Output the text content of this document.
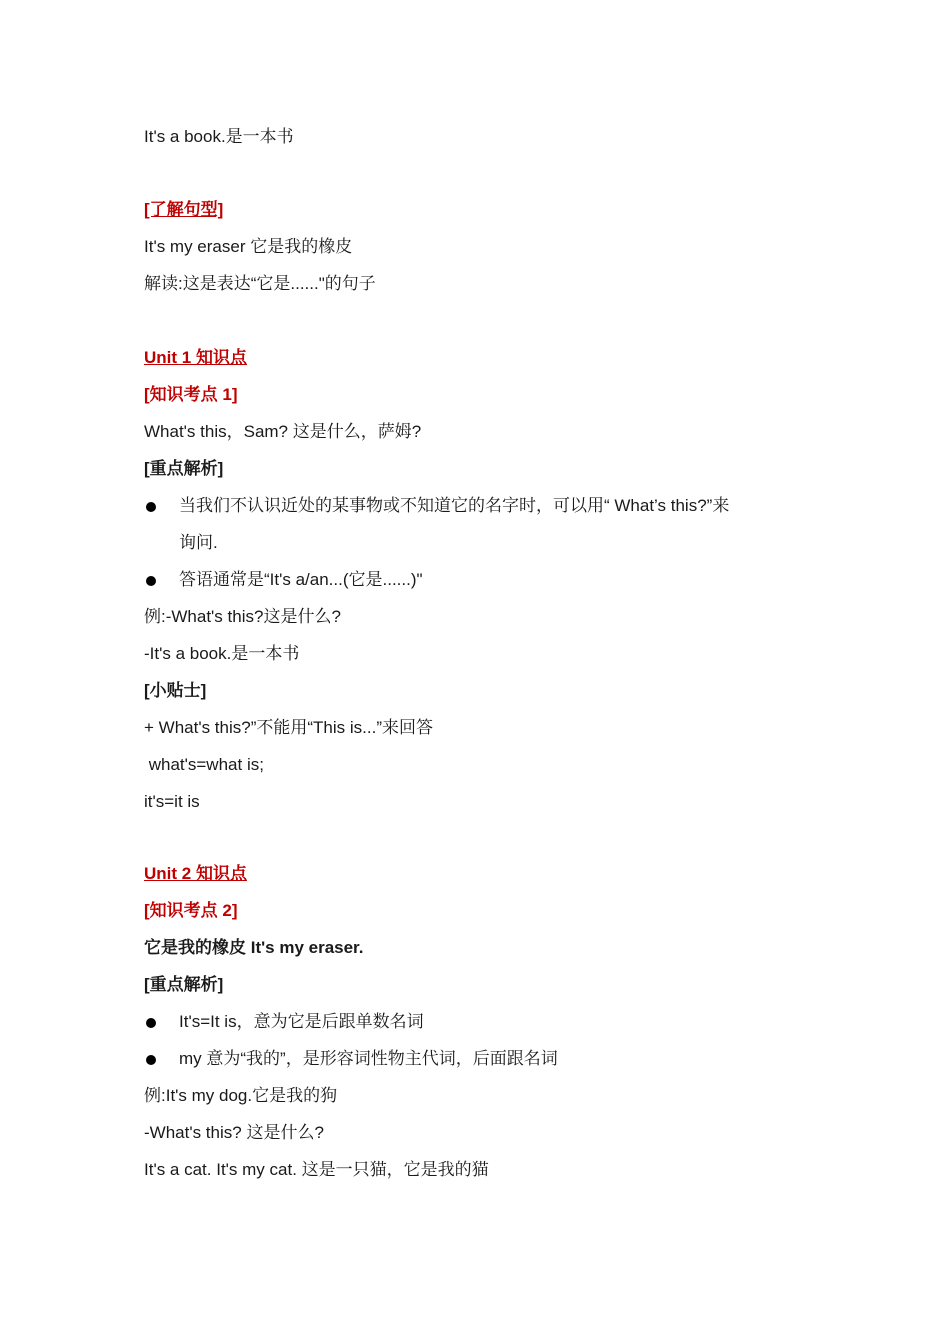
It's a book.是一本书
[了解句型]
It's my eraser 它是我的橡皮
解读:这是表达“它是......"的句子
Unit 1 知识点
[知识考点 1]
What's this，Sam? 这是什么，萨姆?
[重点解析]
当我们不认识近处的某事物或不知道它的名字时，可以用“ What’s this?”来
询问.
答语通常是“It's a/an...(它是......)"
例:-What's this?这是什么?
-It's a book.是一本书
[小贴士]
+ What's this?”不能用“This is...”来回答
what's=what is;
it's=it is
Unit 2 知识点
[知识考点 2]
它是我的橡皮 It's my eraser.
[重点解析]
It's=It is，意为它是后跟单数名词
my 意为“我的”，是形容词性物主代词，后面跟名词
例:It's my dog.它是我的狗
-What's this? 这是什么?
It's a cat. It's my cat. 这是一只猫，它是我的猫
